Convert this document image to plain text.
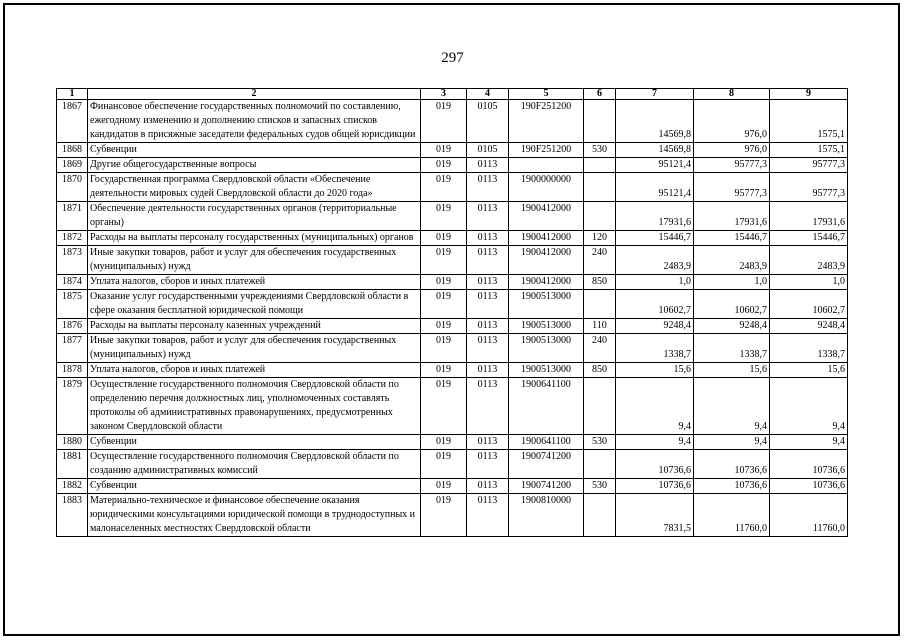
297
1	2	3	4	5	6	7	8	9
1867	Финансовое обеспечение государственных полномочий по составлению, ежегодному изменению и дополнению списков и запасных списков кандидатов в присяжные заседатели федеральных судов общей юрисдикции	019	0105	190F251200		14569,8	976,0	1575,1
1868	Субвенции	019	0105	190F251200	530	14569,8	976,0	1575,1
1869	Другие общегосударственные вопросы	019	0113			95121,4	95777,3	95777,3
1870	Государственная программа Свердловской области «Обеспечение деятельности мировых судей Свердловской области до 2020 года»	019	0113	1900000000		95121,4	95777,3	95777,3
1871	Обеспечение деятельности государственных органов (территориальные органы)	019	0113	1900412000		17931,6	17931,6	17931,6
1872	Расходы на выплаты персоналу государственных (муниципальных) органов	019	0113	1900412000	120	15446,7	15446,7	15446,7
1873	Иные закупки товаров, работ и услуг для обеспечения государственных (муниципальных) нужд	019	0113	1900412000	240	2483,9	2483,9	2483,9
1874	Уплата налогов, сборов и иных платежей	019	0113	1900412000	850	1,0	1,0	1,0
1875	Оказание услуг государственными учреждениями Свердловской области в сфере оказания бесплатной юридической помощи	019	0113	1900513000		10602,7	10602,7	10602,7
1876	Расходы на выплаты персоналу казенных учреждений	019	0113	1900513000	110	9248,4	9248,4	9248,4
1877	Иные закупки товаров, работ и услуг для обеспечения государственных (муниципальных) нужд	019	0113	1900513000	240	1338,7	1338,7	1338,7
1878	Уплата налогов, сборов и иных платежей	019	0113	1900513000	850	15,6	15,6	15,6
1879	Осуществление государственного полномочия Свердловской области по определению перечня должностных лиц, уполномоченных составлять протоколы об административных правонарушениях, предусмотренных законом Свердловской области	019	0113	1900641100		9,4	9,4	9,4
1880	Субвенции	019	0113	1900641100	530	9,4	9,4	9,4
1881	Осуществление государственного полномочия Свердловской области по созданию административных комиссий	019	0113	1900741200		10736,6	10736,6	10736,6
1882	Субвенции	019	0113	1900741200	530	10736,6	10736,6	10736,6
1883	Материально-техническое и финансовое обеспечение оказания юридическими консультациями юридической помощи в труднодоступных и малонаселенных местностях Свердловской области	019	0113	1900810000		7831,5	11760,0	11760,0
